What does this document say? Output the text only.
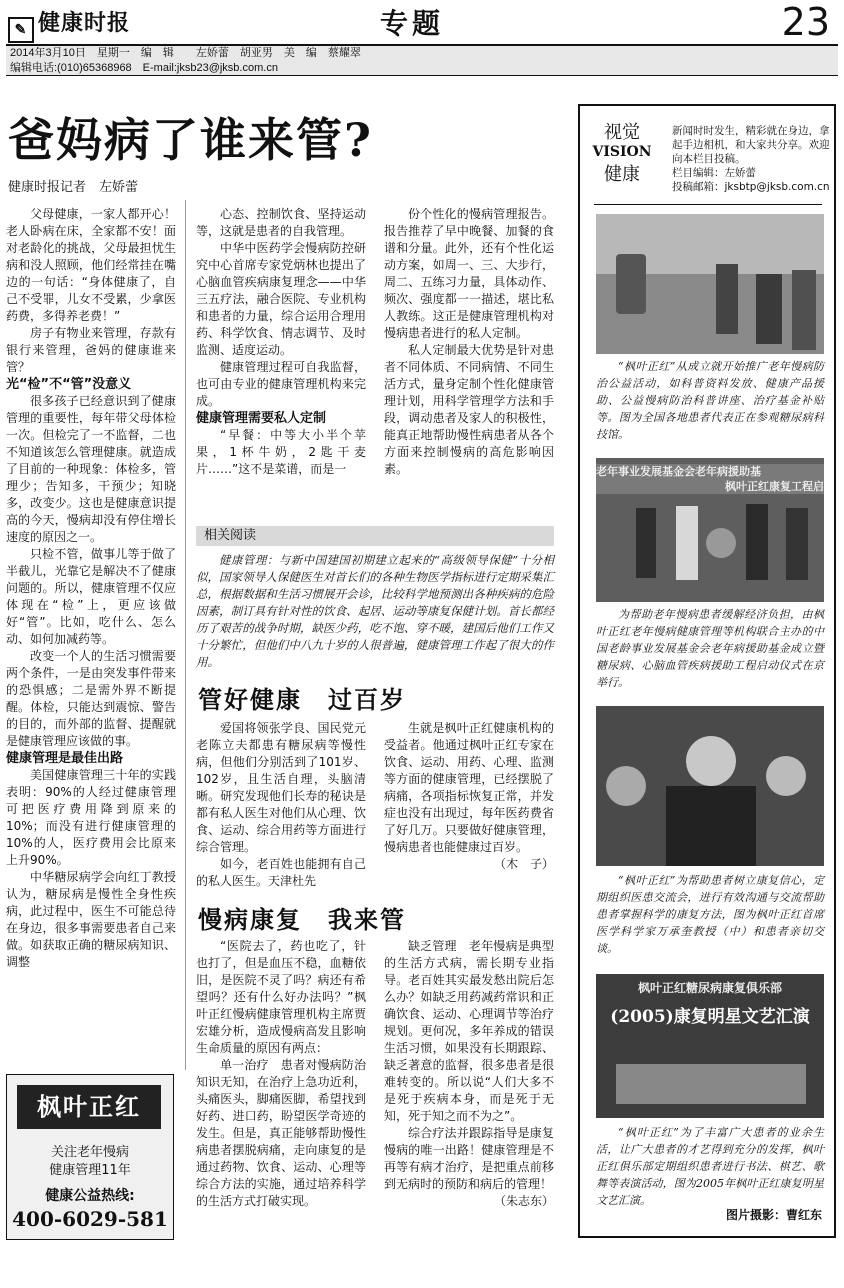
✎ 健康时报	专题	23
2014年3月10日　星期一　编　辑　　左娇蕾　胡亚男　美　编　蔡耀翠
编辑电话:(010)65368968　E-mail:jksb23@jksb.com.cn
爸妈病了谁来管?
健康时报记者　左娇蕾

父母健康，一家人都开心！老人卧病在床，全家都不安！面对老龄化的挑战，父母最担忧生病和没人照顾，他们经常挂在嘴边的一句话：“身体健康了，自己不受罪，儿女不受累，少拿医药费，多得养老费！”

房子有物业来管理，存款有银行来管理，爸妈的健康谁来管？

光“检”不“管”没意义

很多孩子已经意识到了健康管理的重要性，每年带父母体检一次。但检完了一不监督，二也不知道该怎么管理健康。就造成了目前的一种现象：体检多，管理少；告知多，干预少；知晓多，改变少。这也是健康意识提高的今天，慢病却没有停住增长速度的原因之一。

只检不管，做事儿等于做了半截儿，光靠它是解决不了健康问题的。所以，健康管理不仅应体现在“检”上，更应该做好“管”。比如，吃什么、怎么动、如何加减药等。

改变一个人的生活习惯需要两个条件，一是由突发事件带来的恐惧感；二是需外界不断提醒。体检，只能达到震惊、警告的目的，而外部的监督、提醒就是健康管理应该做的事。

健康管理是最佳出路

美国健康管理三十年的实践表明：90%的人经过健康管理可把医疗费用降到原来的10%；而没有进行健康管理的10%的人，医疗费用会比原来上升90%。

中华糖尿病学会向红丁教授认为，糖尿病是慢性全身性疾病，此过程中，医生不可能总待在身边，很多事需要患者自己来做。如获取正确的糖尿病知识、调整

心态、控制饮食、坚持运动等，这就是患者的自我管理。

中华中医药学会慢病防控研究中心首席专家党炳林也提出了心脑血管疾病康复理念——中华三五疗法，融合医院、专业机构和患者的力量，综合运用合理用药、科学饮食、情志调节、及时监测、适度运动。

健康管理过程可自我监督，也可由专业的健康管理机构来完成。

健康管理需要私人定制

“早餐：中等大小半个苹果，1杯牛奶，2匙干麦片……”这不是菜谱，而是一

份个性化的慢病管理报告。报告推荐了早中晚餐、加餐的食谱和分量。此外，还有个性化运动方案，如周一、三、大步行，周二、五练习力量，具体动作、频次、强度都一一描述，堪比私人教练。这正是健康管理机构对慢病患者进行的私人定制。

私人定制最大优势是针对患者不同体质、不同病情、不同生活方式，量身定制个性化健康管理计划，用科学管理学方法和手段，调动患者及家人的积极性，能真正地帮助慢性病患者从各个方面来控制慢病的高危影响因素。

相关阅读

健康管理：与新中国建国初期建立起来的“高级领导保健”十分相似，国家领导人保健医生对首长们的各种生物医学指标进行定期采集汇总，根据数据和生活习惯展开会诊，比较科学地预测出各种疾病的危险因素，制订具有针对性的饮食、起居、运动等康复保健计划。首长都经历了艰苦的战争时期，缺医少药，吃不饱、穿不暖，建国后他们工作又十分繁忙，但他们中八九十岁的人很普遍，健康管理工作起了很大的作用。

管好健康　过百岁

爱国将领张学良、国民党元老陈立夫都患有糖尿病等慢性病，但他们分别活到了101岁、102岁，且生活自理，头脑清晰。研究发现他们长寿的秘诀是都有私人医生对他们从心理、饮食、运动、综合用药等方面进行综合管理。

如今，老百姓也能拥有自己的私人医生。天津杜先

生就是枫叶正红健康机构的受益者。他通过枫叶正红专家在饮食、运动、用药、心理、监测等方面的健康管理，已经摆脱了病痛，各项指标恢复正常，并发症也没有出现过，每年医药费省了好几万。只要做好健康管理，慢病患者也能健康过百岁。

（木　子）

慢病康复　我来管

“医院去了，药也吃了，针也打了，但是血压不稳，血糖依旧，是医院不灵了吗？病还有希望吗？还有什么好办法吗？”枫叶正红慢病健康管理机构主席贾宏雄分析，造成慢病高发且影响生命质量的原因有两点：

单一治疗　患者对慢病防治知识无知，在治疗上急功近利，头痛医头，脚痛医脚，希望找到好药、进口药，盼望医学奇迹的发生。但是，真正能够帮助慢性病患者摆脱病痛，走向康复的是通过药物、饮食、运动、心理等综合方法的实施，通过培养科学的生活方式打破实现。

缺乏管理　老年慢病是典型的生活方式病，需长期专业指导。老百姓其实最发愁出院后怎么办？如缺乏用药减药常识和正确饮食、运动、心理调节等治疗规划。更何况，多年养成的错误生活习惯，如果没有长期跟踪、缺乏著意的监督，很多患者是很难转变的。所以说“人们大多不是死于疾病本身，而是死于无知，死于知之而不为之”。

综合疗法并跟踪指导是康复慢病的唯一出路！健康管理是不再等有病才治疗，是把重点前移到无病时的预防和病后的管理！

（朱志东）

枫叶正红
关注老年慢病
健康管理11年
健康公益热线:
400-6029-581
视觉
VISION
健康
新闻时时发生，精彩就在身边，拿起手边相机，和大家共分享。欢迎向本栏目投稿。
栏目编辑：左娇蕾
投稿邮箱：jksbtp@jksb.com.cn

“枫叶正红”从成立就开始推广老年慢病防治公益活动，如科普资料发放、健康产品援助、公益慢病防治科普讲座、治疗基金补贴等。图为全国各地患者代表正在参观糖尿病科技馆。

老年事业发展基金会老年病援助基
枫叶正红康复工程启

为帮助老年慢病患者缓解经济负担，由枫叶正红老年慢病健康管理等机构联合主办的中国老龄事业发展基金会老年病援助基金成立暨糖尿病、心脑血管疾病援助工程启动仪式在京举行。

“枫叶正红”为帮助患者树立康复信心，定期组织医患交流会，进行有效沟通与交流帮助患者掌握科学的康复方法，图为枫叶正红首席医学科学家万承奎教授（中）和患者亲切交谈。

枫叶正红糖尿病康复俱乐部
(2005)康复明星文艺汇演

“枫叶正红”为了丰富广大患者的业余生活，让广大患者的才艺得到充分的发挥，枫叶正红俱乐部定期组织患者进行书法、棋艺、歌舞等表演活动，图为2005年枫叶正红康复明星文艺汇演。

图片摄影：曹红东
